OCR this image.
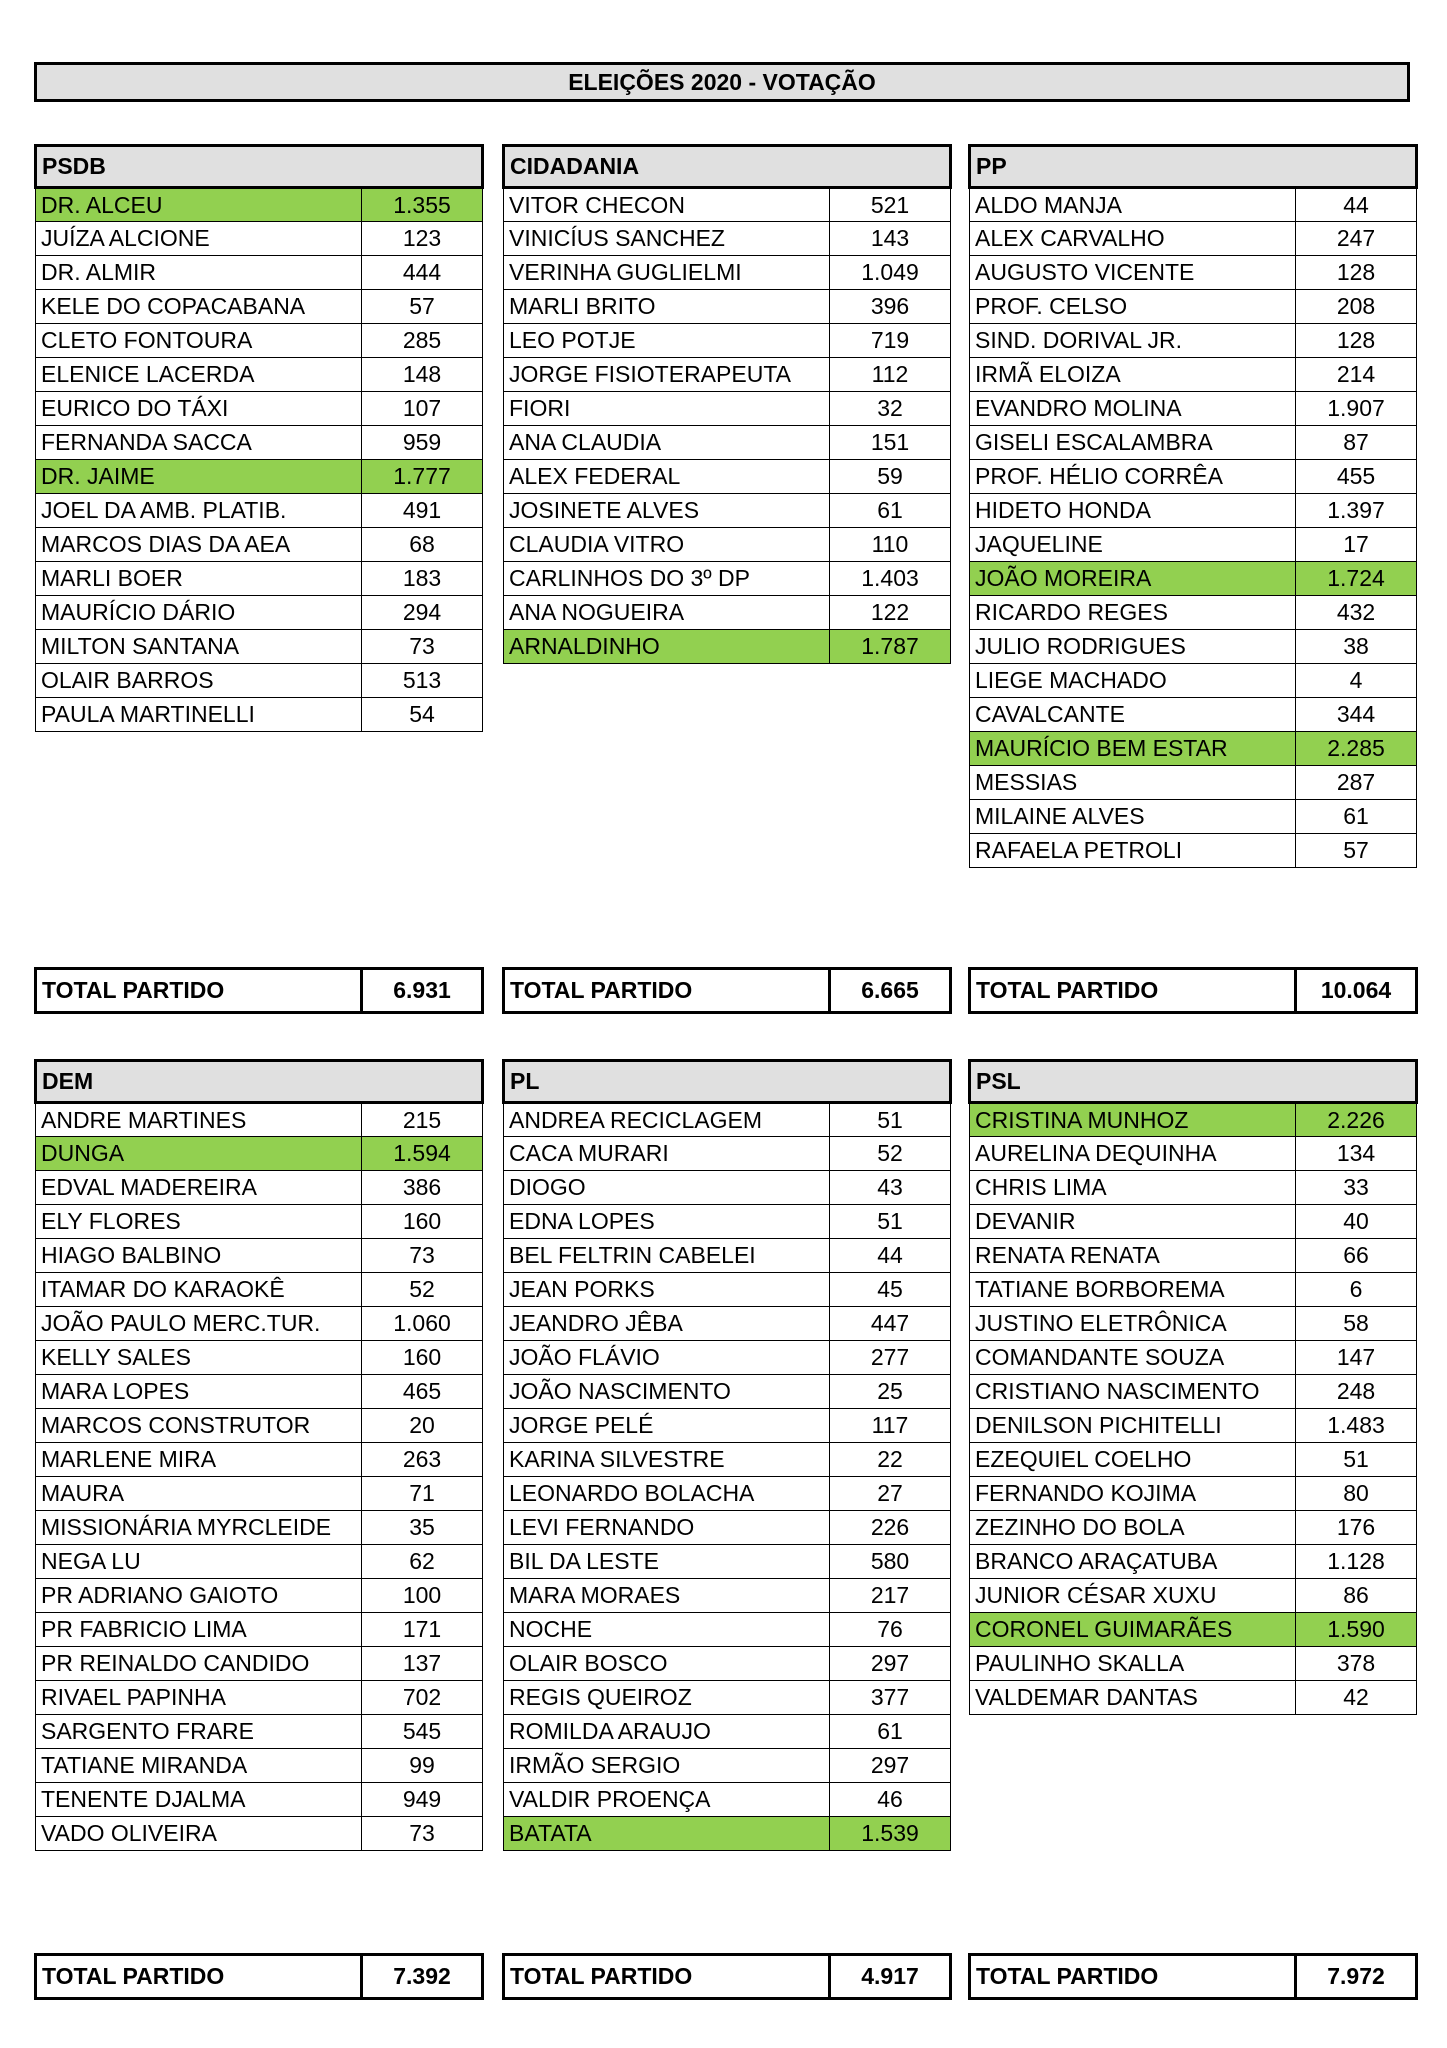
ELEIÇÕES 2020 - VOTAÇÃO
PSDB	
DR. ALCEU	1.355
JUÍZA ALCIONE	123
DR. ALMIR	444
KELE DO COPACABANA	57
CLETO FONTOURA	285
ELENICE LACERDA	148
EURICO DO TÁXI	107
FERNANDA SACCA	959
DR. JAIME	1.777
JOEL DA AMB. PLATIB.	491
MARCOS DIAS DA AEA	68
MARLI BOER	183
MAURÍCIO DÁRIO	294
MILTON SANTANA	73
OLAIR BARROS	513
PAULA MARTINELLI	54
TOTAL PARTIDO	6.931
CIDADANIA	
VITOR CHECON	521
VINICÍUS SANCHEZ	143
VERINHA GUGLIELMI	1.049
MARLI BRITO	396
LEO POTJE	719
JORGE FISIOTERAPEUTA	112
FIORI	32
ANA CLAUDIA	151
ALEX FEDERAL	59
JOSINETE ALVES	61
CLAUDIA VITRO	110
CARLINHOS DO 3º DP	1.403
ANA NOGUEIRA	122
ARNALDINHO	1.787
TOTAL PARTIDO	6.665
PP	
ALDO MANJA	44
ALEX CARVALHO	247
AUGUSTO VICENTE	128
PROF. CELSO	208
SIND. DORIVAL JR.	128
IRMÃ ELOIZA	214
EVANDRO MOLINA	1.907
GISELI ESCALAMBRA	87
PROF. HÉLIO CORRÊA	455
HIDETO HONDA	1.397
JAQUELINE	17
JOÃO MOREIRA	1.724
RICARDO REGES	432
JULIO RODRIGUES	38
LIEGE MACHADO	4
CAVALCANTE	344
MAURÍCIO BEM ESTAR	2.285
MESSIAS	287
MILAINE ALVES	61
RAFAELA PETROLI	57
TOTAL PARTIDO	10.064
DEM	
ANDRE MARTINES	215
DUNGA	1.594
EDVAL MADEREIRA	386
ELY FLORES	160
HIAGO BALBINO	73
ITAMAR DO KARAOKÊ	52
JOÃO PAULO MERC.TUR.	1.060
KELLY SALES	160
MARA LOPES	465
MARCOS CONSTRUTOR	20
MARLENE MIRA	263
MAURA	71
MISSIONÁRIA MYRCLEIDE	35
NEGA LU	62
PR ADRIANO GAIOTO	100
PR FABRICIO LIMA	171
PR REINALDO CANDIDO	137
RIVAEL PAPINHA	702
SARGENTO FRARE	545
TATIANE MIRANDA	99
TENENTE DJALMA	949
VADO OLIVEIRA	73
TOTAL PARTIDO	7.392
PL	
ANDREA RECICLAGEM	51
CACA MURARI	52
DIOGO	43
EDNA LOPES	51
BEL FELTRIN CABELEI	44
JEAN PORKS	45
JEANDRO JÊBA	447
JOÃO FLÁVIO	277
JOÃO NASCIMENTO	25
JORGE PELÉ	117
KARINA SILVESTRE	22
LEONARDO BOLACHA	27
LEVI FERNANDO	226
BIL DA LESTE	580
MARA MORAES	217
NOCHE	76
OLAIR BOSCO	297
REGIS QUEIROZ	377
ROMILDA ARAUJO	61
IRMÃO SERGIO	297
VALDIR PROENÇA	46
BATATA	1.539
TOTAL PARTIDO	4.917
PSL	
CRISTINA MUNHOZ	2.226
AURELINA DEQUINHA	134
CHRIS LIMA	33
DEVANIR	40
RENATA RENATA	66
TATIANE BORBOREMA	6
JUSTINO ELETRÔNICA	58
COMANDANTE SOUZA	147
CRISTIANO NASCIMENTO	248
DENILSON PICHITELLI	1.483
EZEQUIEL COELHO	51
FERNANDO KOJIMA	80
ZEZINHO DO BOLA	176
BRANCO ARAÇATUBA	1.128
JUNIOR CÉSAR XUXU	86
CORONEL GUIMARÃES	1.590
PAULINHO SKALLA	378
VALDEMAR DANTAS	42
TOTAL PARTIDO	7.972
